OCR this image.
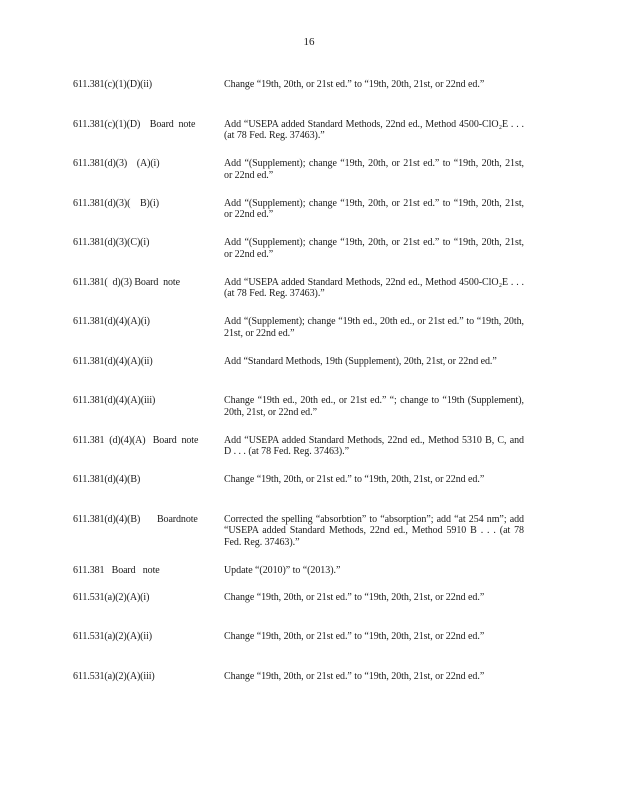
16
611.381(c)(1)(D)(ii)	Change “19th, 20th, or 21st ed.” to “19th, 20th, 21st, or 22nd ed.”
611.381(c)(1)(D)    Board  note	Add “USEPA added Standard Methods, 22nd ed., Method 4500-ClO₂E . . . (at 78 Fed. Reg. 37463).”
611.381(d)(3)    (A)(i)	Add “(Supplement); change “19th, 20th, or 21st ed.” to “19th, 20th, 21st, or 22nd ed.”
611.381(d)(3)(    B)(i)	Add “(Supplement); change “19th, 20th, or 21st ed.” to “19th, 20th, 21st, or 22nd ed.”
611.381(d)(3)(C)(i)	Add “(Supplement); change “19th, 20th, or 21st ed.” to “19th, 20th, 21st, or 22nd ed.”
611.381(  d)(3) Board  note	Add “USEPA added Standard Methods, 22nd ed., Method 4500-ClO₂E . . . (at 78 Fed. Reg. 37463).”
611.381(d)(4)(A)(i)	Add “(Supplement); change “19th ed., 20th ed., or 21st ed.” to “19th, 20th, 21st, or 22nd ed.”
611.381(d)(4)(A)(ii)	Add “Standard Methods, 19th (Supplement), 20th, 21st, or 22nd ed.”
611.381(d)(4)(A)(iii)	Change “19th ed., 20th ed., or 21st ed.” “; change to “19th (Supplement), 20th, 21st, or 22nd ed.”
611.381  (d)(4)(A)   Board  note	Add “USEPA added Standard Methods, 22nd ed., Method 5310 B, C, and D . . . (at 78 Fed. Reg. 37463).”
611.381(d)(4)(B)	Change “19th, 20th, or 21st ed.” to “19th, 20th, 21st, or 22nd ed.”
611.381(d)(4)(B)       Boardnote	Corrected the spelling “absorbtion” to “absorption”; add “at 254 nm”; add “USEPA added Standard Methods, 22nd ed., Method 5910 B . . . (at 78 Fed. Reg. 37463).”
611.381   Board   note	Update “(2010)” to “(2013).”
611.531(a)(2)(A)(i)	Change “19th, 20th, or 21st ed.” to “19th, 20th, 21st, or 22nd ed.”
611.531(a)(2)(A)(ii)	Change “19th, 20th, or 21st ed.” to “19th, 20th, 21st, or 22nd ed.”
611.531(a)(2)(A)(iii)	Change “19th, 20th, or 21st ed.” to “19th, 20th, 21st, or 22nd ed.”
